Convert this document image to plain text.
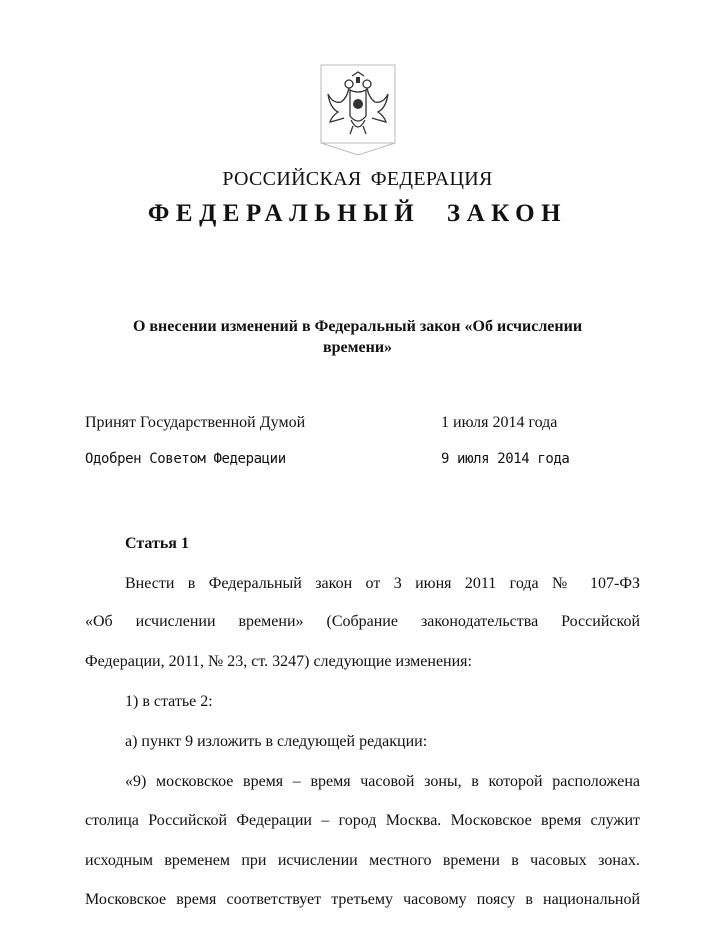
РОССИЙСКАЯ ФЕДЕРАЦИЯ
ФЕДЕРАЛЬНЫЙ ЗАКОН
О внесении изменений в Федеральный закон «Об исчислении
времени»
Принят Государственной Думой	1 июля 2014 года
Одобрен Советом Федерации	9 июля 2014 года
Статья 1
Внести в Федеральный закон от 3 июня 2011 года № 107-ФЗ
«Об исчислении времени» (Собрание законодательства Российской
Федерации, 2011, № 23, ст. 3247) следующие изменения:
1) в статье 2:
а) пункт 9 изложить в следующей редакции:
«9) московское время – время часовой зоны, в которой расположена
столица Российской Федерации – город Москва. Московское время служит
исходным временем при исчислении местного времени в часовых зонах.
Московское время соответствует третьему часовому поясу в национальной
